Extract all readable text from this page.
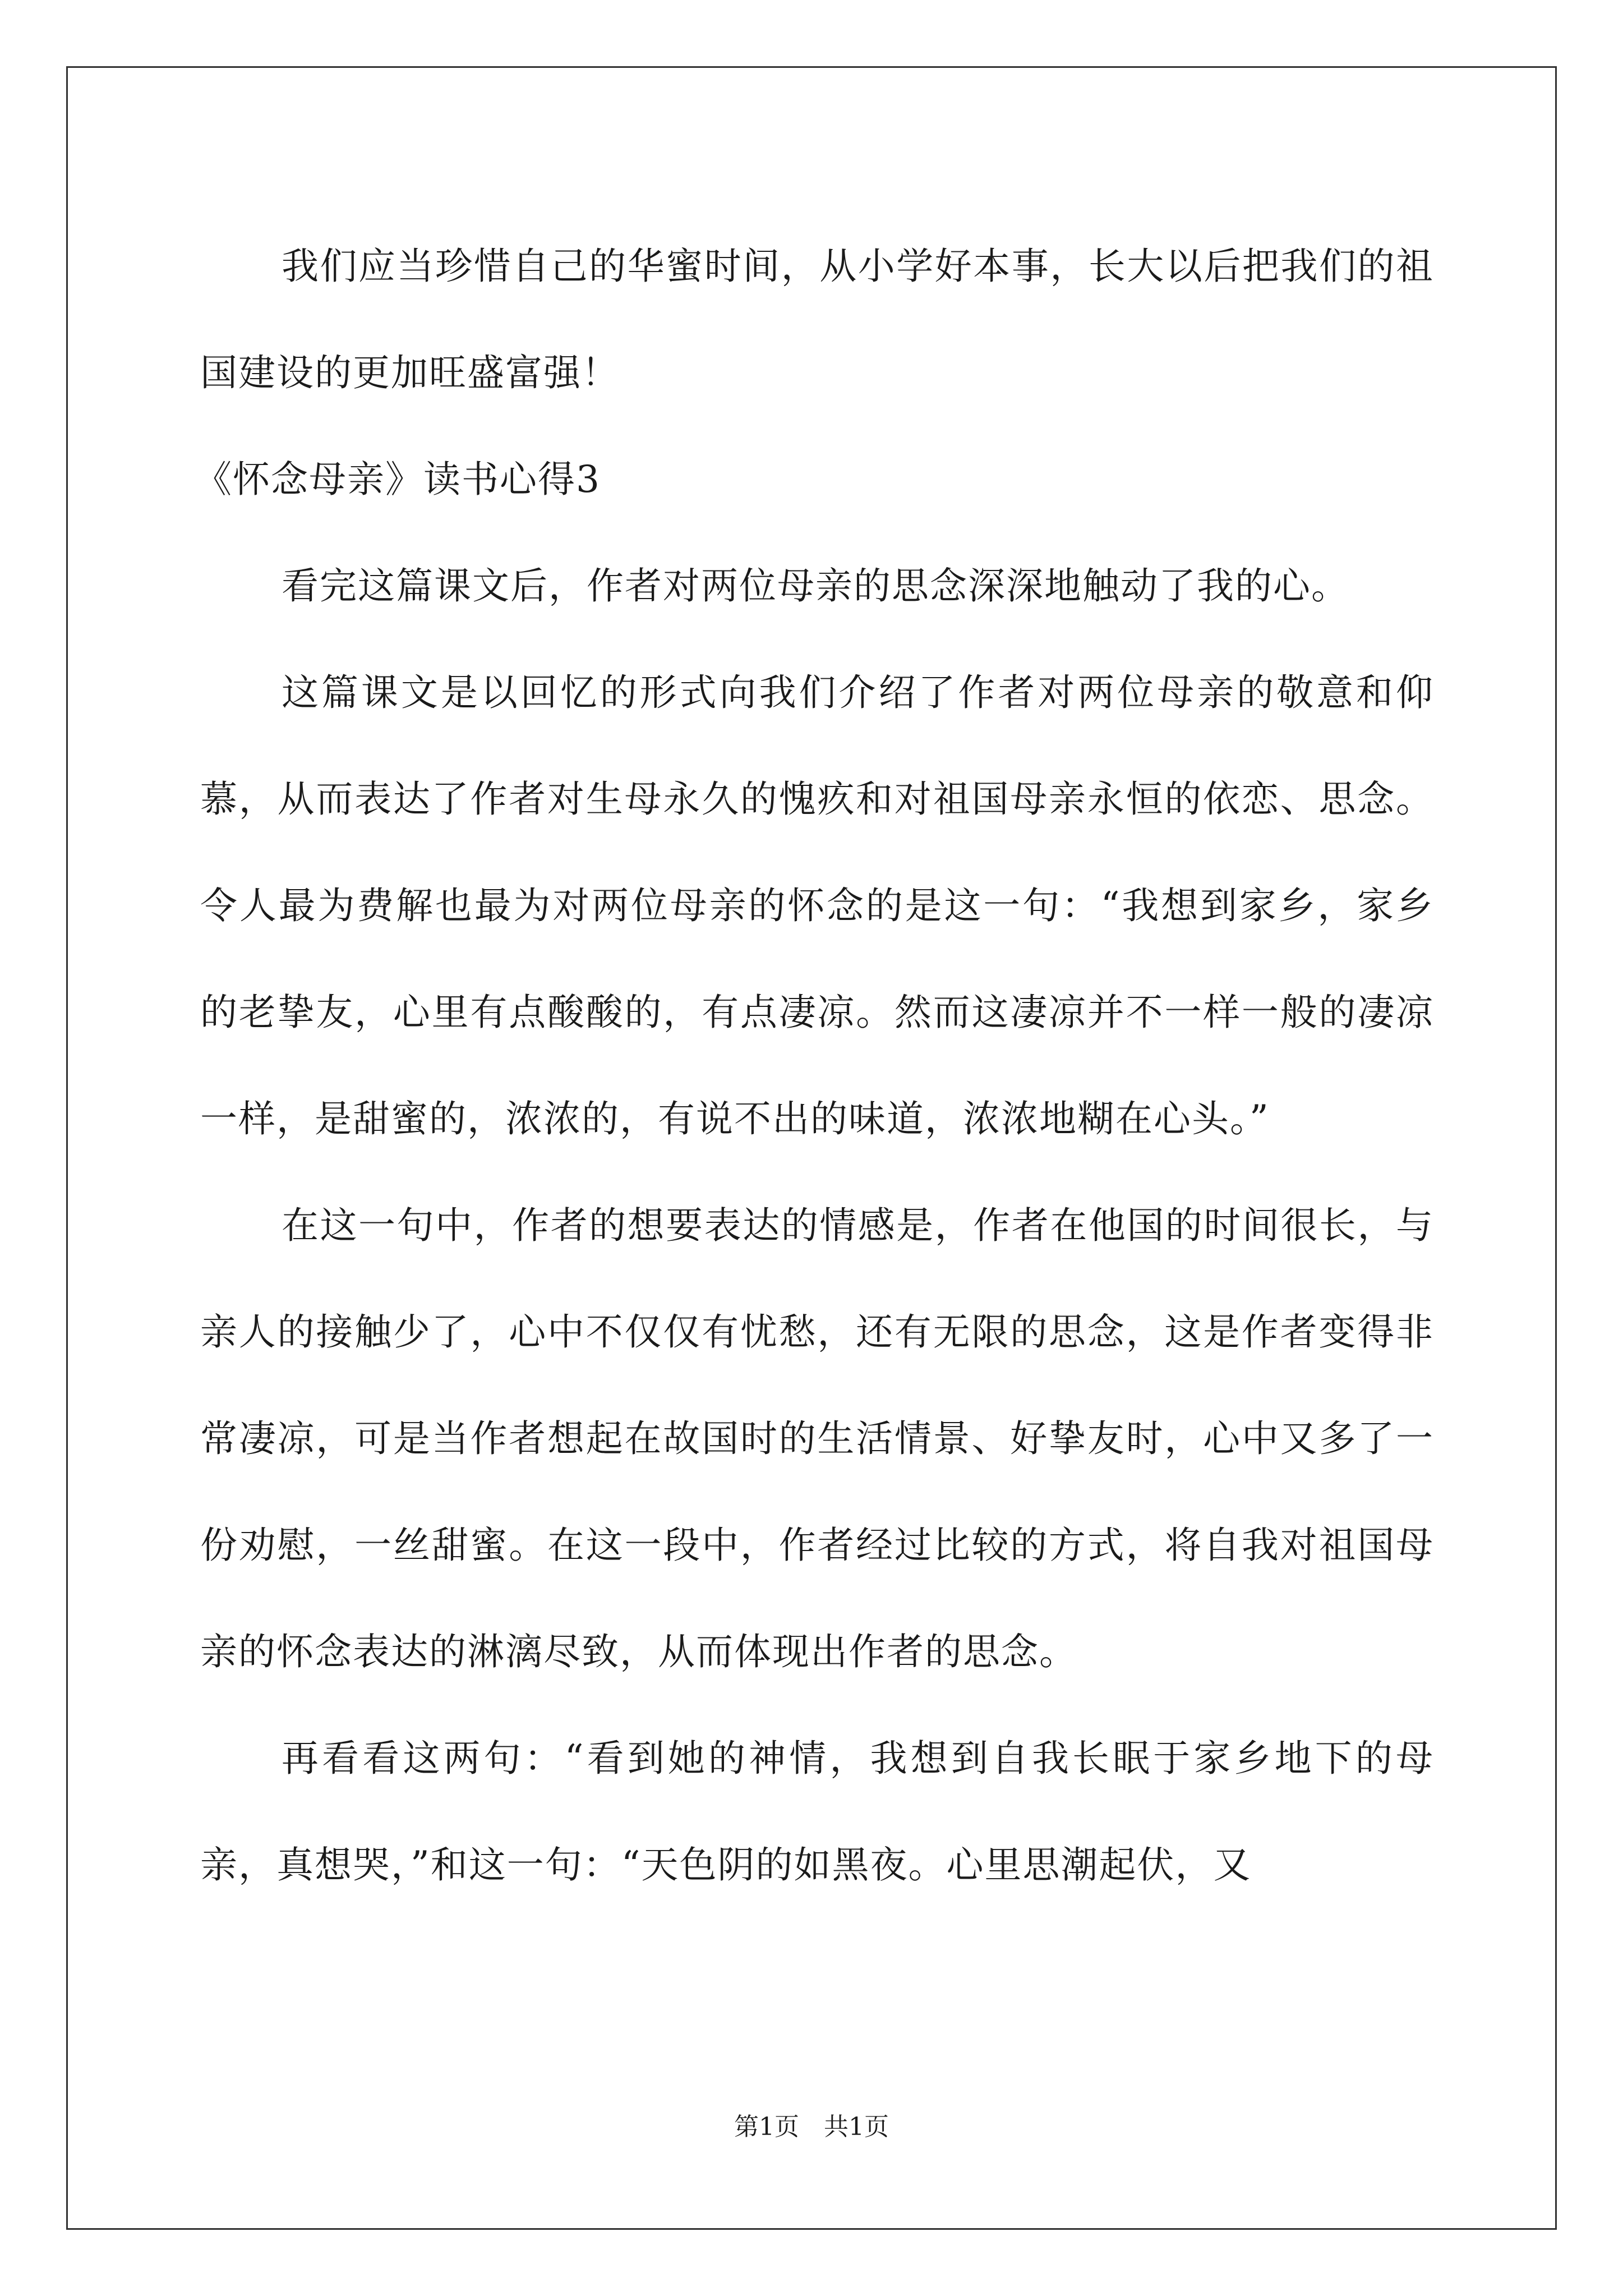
我们应当珍惜自己的华蜜时间，从小学好本事，长大以后把我们的祖国建设的更加旺盛富强！

《怀念母亲》读书心得3

看完这篇课文后，作者对两位母亲的思念深深地触动了我的心。

这篇课文是以回忆的形式向我们介绍了作者对两位母亲的敬意和仰慕，从而表达了作者对生母永久的愧疚和对祖国母亲永恒的依恋、思念。令人最为费解也最为对两位母亲的怀念的是这一句：“我想到家乡，家乡的老挚友，心里有点酸酸的，有点凄凉。然而这凄凉并不一样一般的凄凉一样，是甜蜜的，浓浓的，有说不出的味道，浓浓地糊在心头。”

在这一句中，作者的想要表达的情感是，作者在他国的时间很长，与亲人的接触少了，心中不仅仅有忧愁，还有无限的思念，这是作者变得非常凄凉，可是当作者想起在故国时的生活情景、好挚友时，心中又多了一份劝慰，一丝甜蜜。在这一段中，作者经过比较的方式，将自我对祖国母亲的怀念表达的淋漓尽致，从而体现出作者的思念。

再看看这两句：“看到她的神情，我想到自我长眠于家乡地下的母亲，真想哭，”和这一句：“天色阴的如黑夜。心里思潮起伏，又

第1页　共1页
